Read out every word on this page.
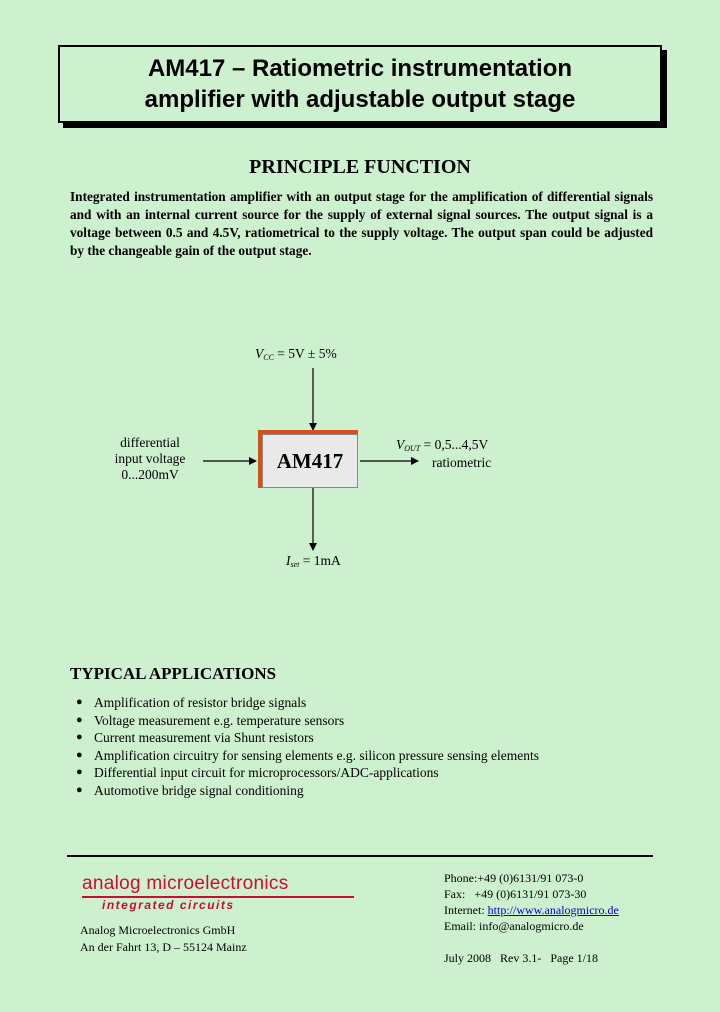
AM417 – Ratiometric instrumentation
amplifier with adjustable output stage
PRINCIPLE FUNCTION
Integrated instrumentation amplifier with an output stage for the amplification of differential signals and with an internal current source for the supply of external signal sources. The output signal is a voltage between 0.5 and 4.5V, ratiometrical to the supply voltage. The output span could be adjusted by the changeable gain of the output stage.
$V_{CC} = 5V \pm 5\%$
differential
input voltage
0...200mV
AM417
$V_{OUT} = 0,5...4,5V$
ratiometric
$I_{set} = 1mA$
TYPICAL APPLICATIONS
● Amplification of resistor bridge signals
● Voltage measurement e.g. temperature sensors
● Current measurement via Shunt resistors
● Amplification circuitry for sensing elements e.g. silicon pressure sensing elements
● Differential input circuit for microprocessors/ADC-applications
● Automotive bridge signal conditioning
analog microelectronics
integrated circuits
Analog Microelectronics GmbH
An der Fahrt 13, D – 55124 Mainz
Phone:+49 (0)6131/91 073-0
Fax:   +49 (0)6131/91 073-30
Internet: http://www.analogmicro.de
Email: info@analogmicro.de
July 2008   Rev 3.1-   Page 1/18
